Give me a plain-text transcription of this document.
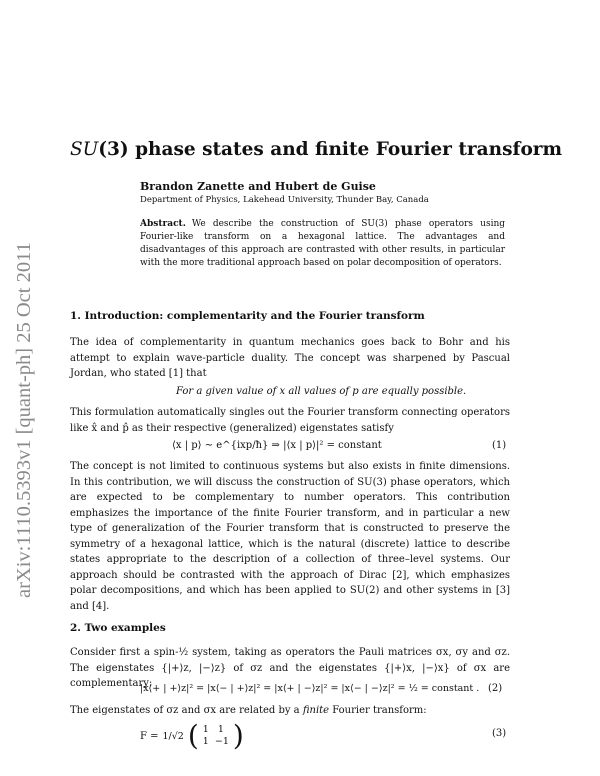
arXiv:1110.5393v1 [quant-ph] 25 Oct 2011
SU(3) phase states and finite Fourier transform
Brandon Zanette and Hubert de Guise
Department of Physics, Lakehead University, Thunder Bay, Canada
Abstract. We describe the construction of SU(3) phase operators using Fourier-like transform on a hexagonal lattice. The advantages and disadvantages of this approach are contrasted with other results, in particular with the more traditional approach based on polar decomposition of operators.
1. Introduction: complementarity and the Fourier transform
The idea of complementarity in quantum mechanics goes back to Bohr and his attempt to explain wave-particle duality. The concept was sharpened by Pascual Jordan, who stated [1] that
For a given value of x all values of p are equally possible.
This formulation automatically singles out the Fourier transform connecting operators like x̂ and p̂ as their respective (generalized) eigenstates satisfy
⟨x | p⟩ ∼ e^{ixp/ħ} ⇒ |⟨x | p⟩|² = constant	(1)
The concept is not limited to continuous systems but also exists in finite dimensions. In this contribution, we will discuss the construction of SU(3) phase operators, which are expected to be complementary to number operators. This contribution emphasizes the importance of the finite Fourier transform, and in particular a new type of generalization of the Fourier transform that is constructed to preserve the symmetry of a hexagonal lattice, which is the natural (discrete) lattice to describe states appropriate to the description of a collection of three–level systems. Our approach should be contrasted with the approach of Dirac [2], which emphasizes polar decompositions, and which has been applied to SU(2) and other systems in [3] and [4].
2. Two examples
Consider first a spin-½ system, taking as operators the Pauli matrices σx, σy and σz. The eigenstates {|+⟩z, |−⟩z} of σz and the eigenstates {|+⟩x, |−⟩x} of σx are complementary:
|x⟨+ | +⟩z|² = |x⟨− | +⟩z|² = |x⟨+ | −⟩z|² = |x⟨− | −⟩z|² = ½ = constant . (2)
The eigenstates of σz and σx are related by a finite Fourier transform:
F = 1/√2 ( 1   1
1  −1 )	(3)
